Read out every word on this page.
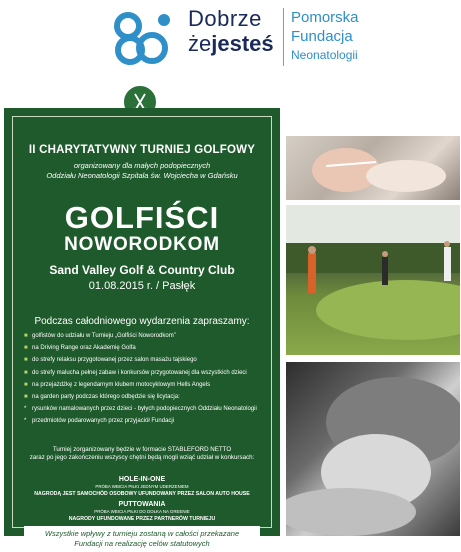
Dobrze
żejesteś
Pomorska
Fundacja
Neonatologii
II CHARYTATYWNY TURNIEJ GOLFOWY
organizowany dla małych podopiecznych
Oddziału Neonatologii Szpitala św. Wojciecha w Gdańsku
GOLFIŚCI
NOWORODKOM
Sand Valley Golf & Country Club
01.08.2015 r. / Pasłęk
Podczas całodniowego wydarzenia zapraszamy:
■ golfistów do udziału w Turnieju „Golfiści Noworodkom”
■ na Driving Range oraz Akademię Golfa
■ do strefy relaksu przygotowanej przez salon masażu tajskiego
■ do strefy malucha pełnej zabaw i konkursów przygotowanej dla wszystkich dzieci
■ na przejażdżkę z legendarnym klubem motocyklowym Hells Angels
■ na garden party podczas którego odbędzie się licytacja:
* rysunków namalowanych przez dzieci - byłych podopiecznych Oddziału Neonatologii
* przedmiotów podarowanych przez przyjaciół Fundacji
Turniej zorganizowany będzie w formacie STABLEFORD NETTO
zaraz po jego zakończeniu wszyscy chętni będą mogli wziąć udział w konkursach:
HOLE-IN-ONE
PRÓBA WBICIA PIŁKI JEDNYM UDERZENIEM
NAGRODĄ JEST SAMOCHÓD OSOBOWY UFUNDOWANY PRZEZ SALON AUTO HOUSE
PUTTOWANIA
PRÓBA WBICIA PIŁKI DO DOŁKA NA GREENIE
NAGRODY UFUNDOWANE PRZEZ PARTNERÓW TURNIEJU
Wszystkie wpływy z turnieju zostaną w całości przekazane
Fundacji na realizację celów statutowych
